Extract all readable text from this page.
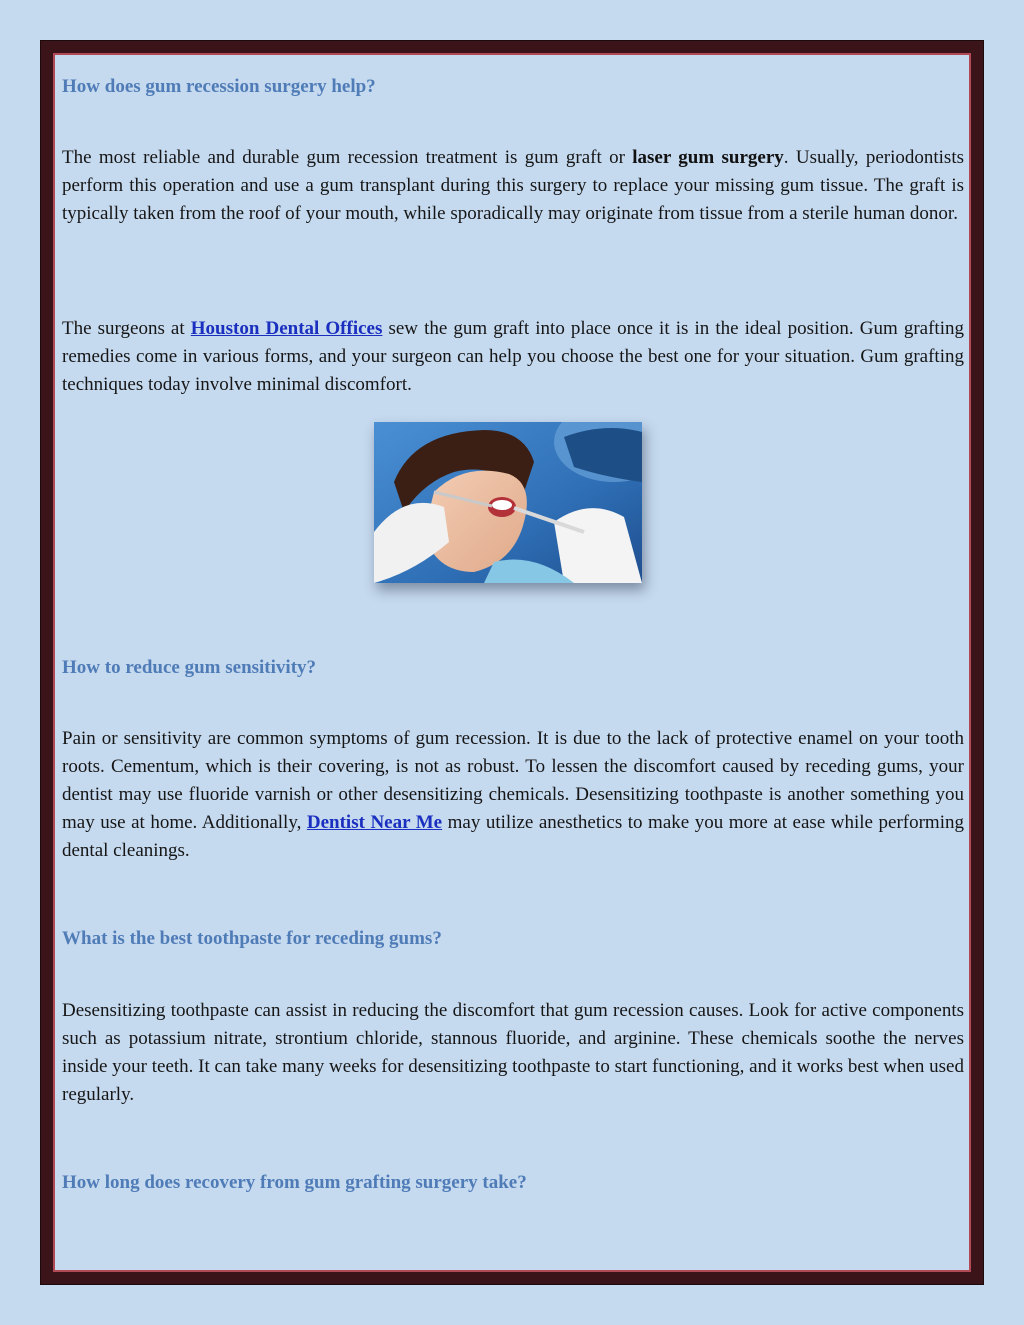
How does gum recession surgery help?

The most reliable and durable gum recession treatment is gum graft or laser gum surgery. Usually, periodontists perform this operation and use a gum transplant during this surgery to replace your missing gum tissue. The graft is typically taken from the roof of your mouth, while sporadically may originate from tissue from a sterile human donor.

The surgeons at Houston Dental Offices sew the gum graft into place once it is in the ideal position. Gum grafting remedies come in various forms, and your surgeon can help you choose the best one for your situation. Gum grafting techniques today involve minimal discomfort.

How to reduce gum sensitivity?

Pain or sensitivity are common symptoms of gum recession. It is due to the lack of protective enamel on your tooth roots. Cementum, which is their covering, is not as robust. To lessen the discomfort caused by receding gums, your dentist may use fluoride varnish or other desensitizing chemicals. Desensitizing toothpaste is another something you may use at home. Additionally, Dentist Near Me may utilize anesthetics to make you more at ease while performing dental cleanings.

What is the best toothpaste for receding gums?

Desensitizing toothpaste can assist in reducing the discomfort that gum recession causes. Look for active components such as potassium nitrate, strontium chloride, stannous fluoride, and arginine. These chemicals soothe the nerves inside your teeth. It can take many weeks for desensitizing toothpaste to start functioning, and it works best when used regularly.

How long does recovery from gum grafting surgery take?
